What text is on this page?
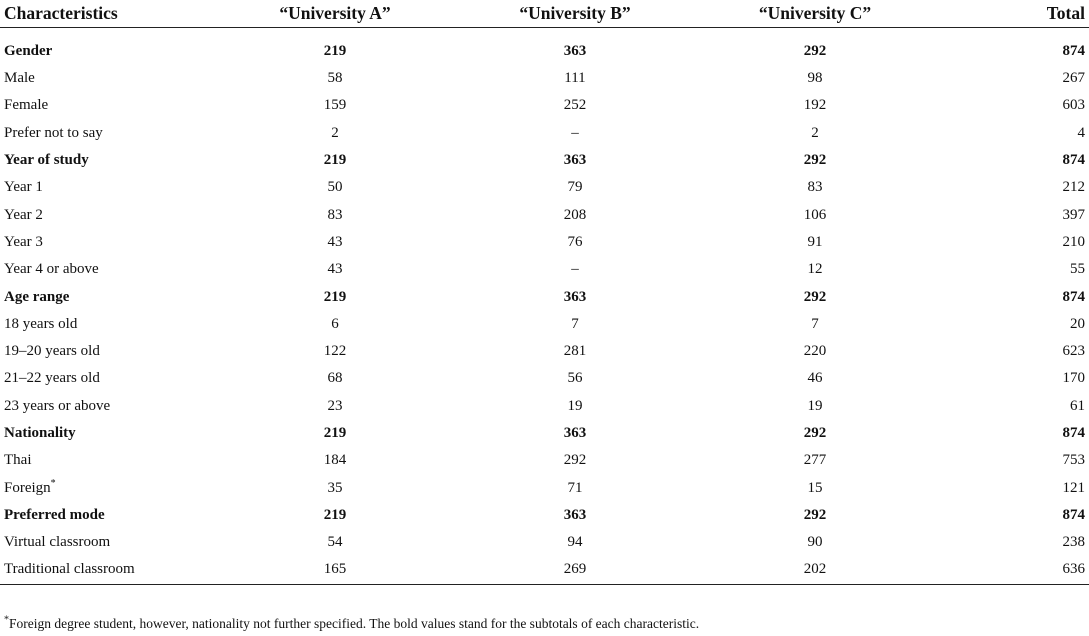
Characteristics	“University A”	“University B”	“University C”	Total
Gender	219	363	292	874
Male	58	111	98	267
Female	159	252	192	603
Prefer not to say	2	–	2	4
Year of study	219	363	292	874
Year 1	50	79	83	212
Year 2	83	208	106	397
Year 3	43	76	91	210
Year 4 or above	43	–	12	55
Age range	219	363	292	874
18 years old	6	7	7	20
19–20 years old	122	281	220	623
21–22 years old	68	56	46	170
23 years or above	23	19	19	61
Nationality	219	363	292	874
Thai	184	292	277	753
Foreign*	35	71	15	121
Preferred mode	219	363	292	874
Virtual classroom	54	94	90	238
Traditional classroom	165	269	202	636
*Foreign degree student, however, nationality not further specified. The bold values stand for the subtotals of each characteristic.
